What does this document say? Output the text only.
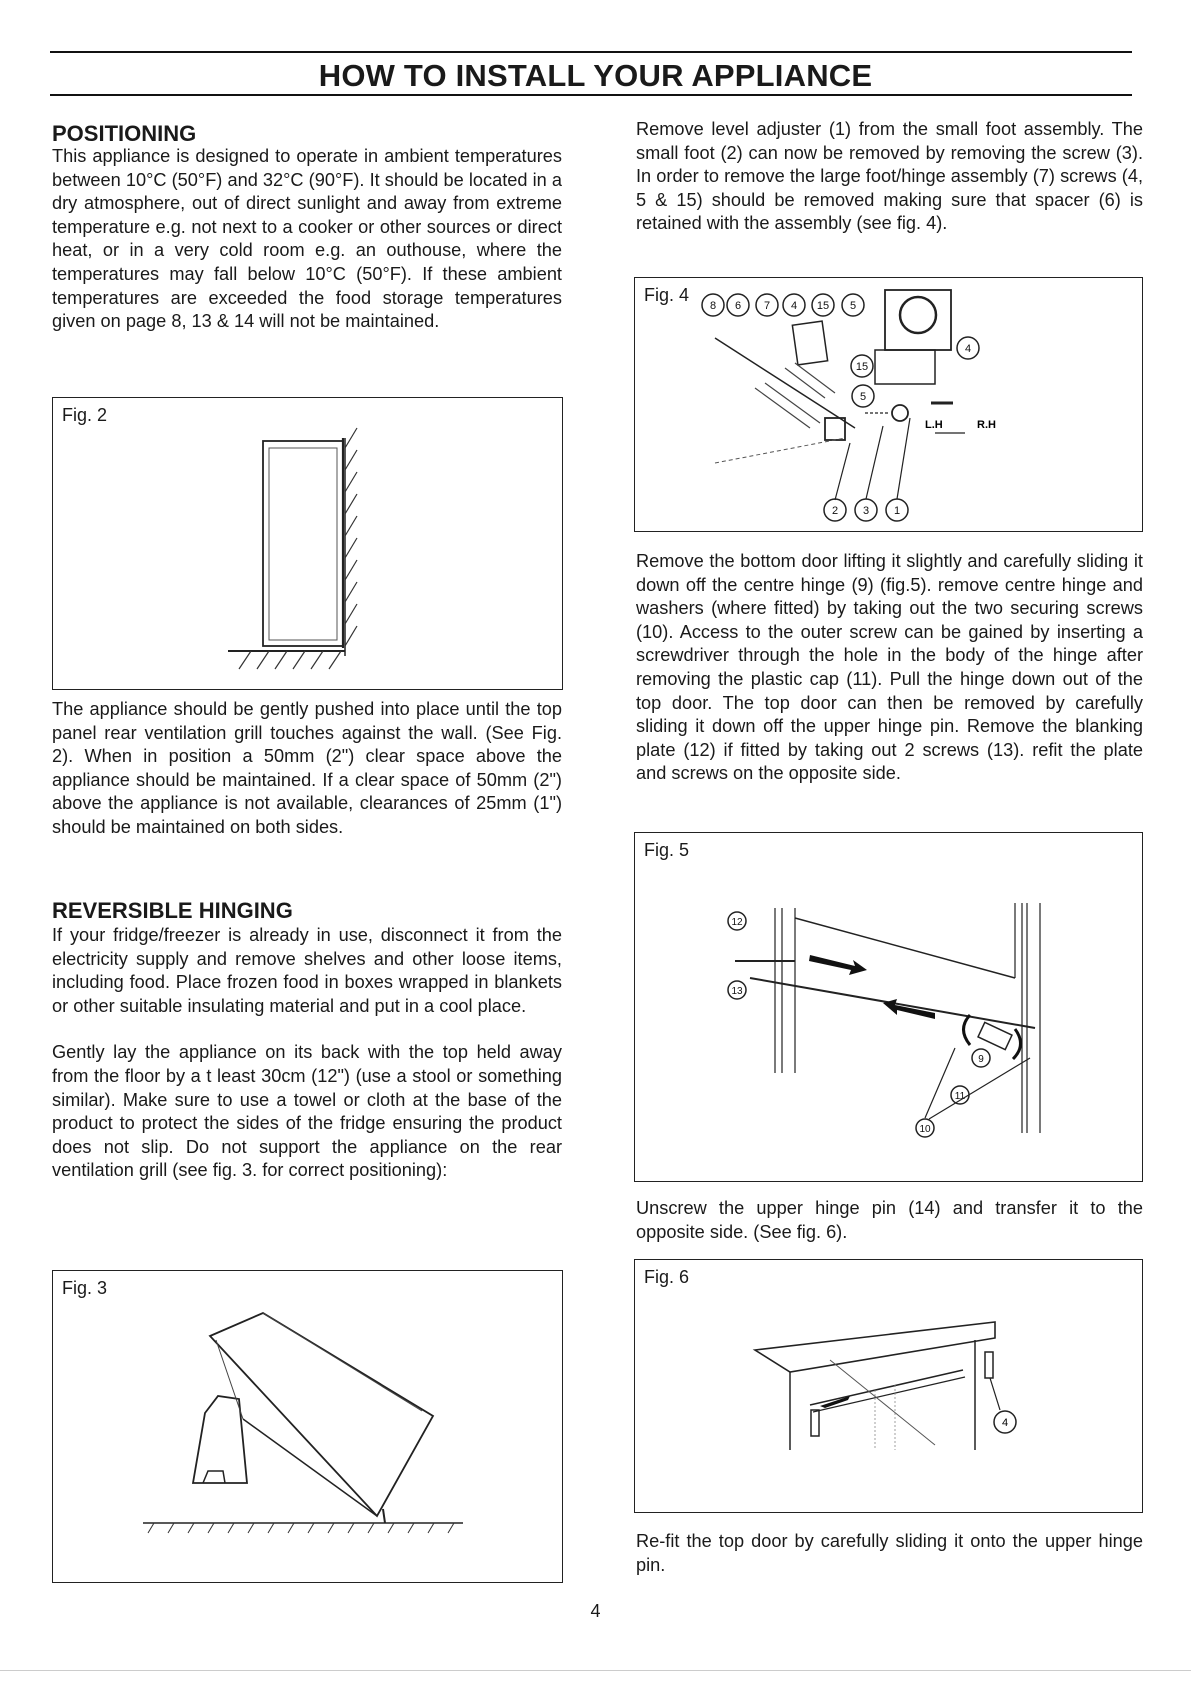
HOW TO INSTALL YOUR APPLIANCE
POSITIONING

This appliance is designed to operate in ambient temperatures between 10°C (50°F) and 32°C (90°F). It should be located in a dry atmosphere, out of direct sunlight and away from extreme temperature e.g. not next to a cooker or other sources or direct heat, or in a very cold room e.g. an outhouse, where the temperatures may fall below 10°C (50°F). If these ambient temperatures are exceeded the food storage temperatures given on page 8, 13 & 14 will not be maintained.

Fig. 2

The appliance should be gently pushed into place until the top panel rear ventilation grill touches against the wall. (See Fig. 2). When in position a 50mm (2") clear space above the appliance should be maintained. If a clear space of 50mm (2") above the appliance is not available, clearances of 25mm (1") should be maintained on both sides.

REVERSIBLE HINGING

If your fridge/freezer is already in use, disconnect it from the electricity supply and remove shelves and other loose items, including food. Place frozen food in boxes wrapped in blankets or other suitable insulating material and put in a cool place.

Gently lay the appliance on its back with the top held away from the floor by a t least 30cm (12") (use a stool or something similar). Make sure to use a towel or cloth at the base of the product to protect the sides of the fridge ensuring the product does not slip. Do not support the appliance on the rear ventilation grill (see fig. 3. for correct positioning):

Fig. 3

Remove level adjuster (1) from the small foot assembly. The small foot (2) can now be removed by removing the screw (3). In order to remove the large foot/hinge assembly (7) screws (4, 5 & 15) should be removed making sure that spacer (6) is retained with the assembly (see fig. 4).

Fig. 4
8 6 7 4 15 5
4
15
5
2 3 1
L.H	R.H

Remove the bottom door lifting it slightly and carefully sliding it down off the centre hinge (9) (fig.5). remove centre hinge and washers (where fitted) by taking out the two securing screws (10). Access to the outer screw can be gained by inserting a screwdriver through the hole in the body of the hinge after removing the plastic cap (11). Pull the hinge down out of the top door. The top door can then be removed by carefully sliding it down off the upper hinge pin. Remove the blanking plate (12) if fitted by taking out 2 screws (13). refit the plate and screws on the opposite side.

Fig. 5
12
13
9
11
10

Unscrew the upper hinge pin (14) and transfer it to the opposite side. (See fig. 6).

Fig. 6
4

Re-fit the top door by carefully sliding it onto the upper hinge pin.

4
